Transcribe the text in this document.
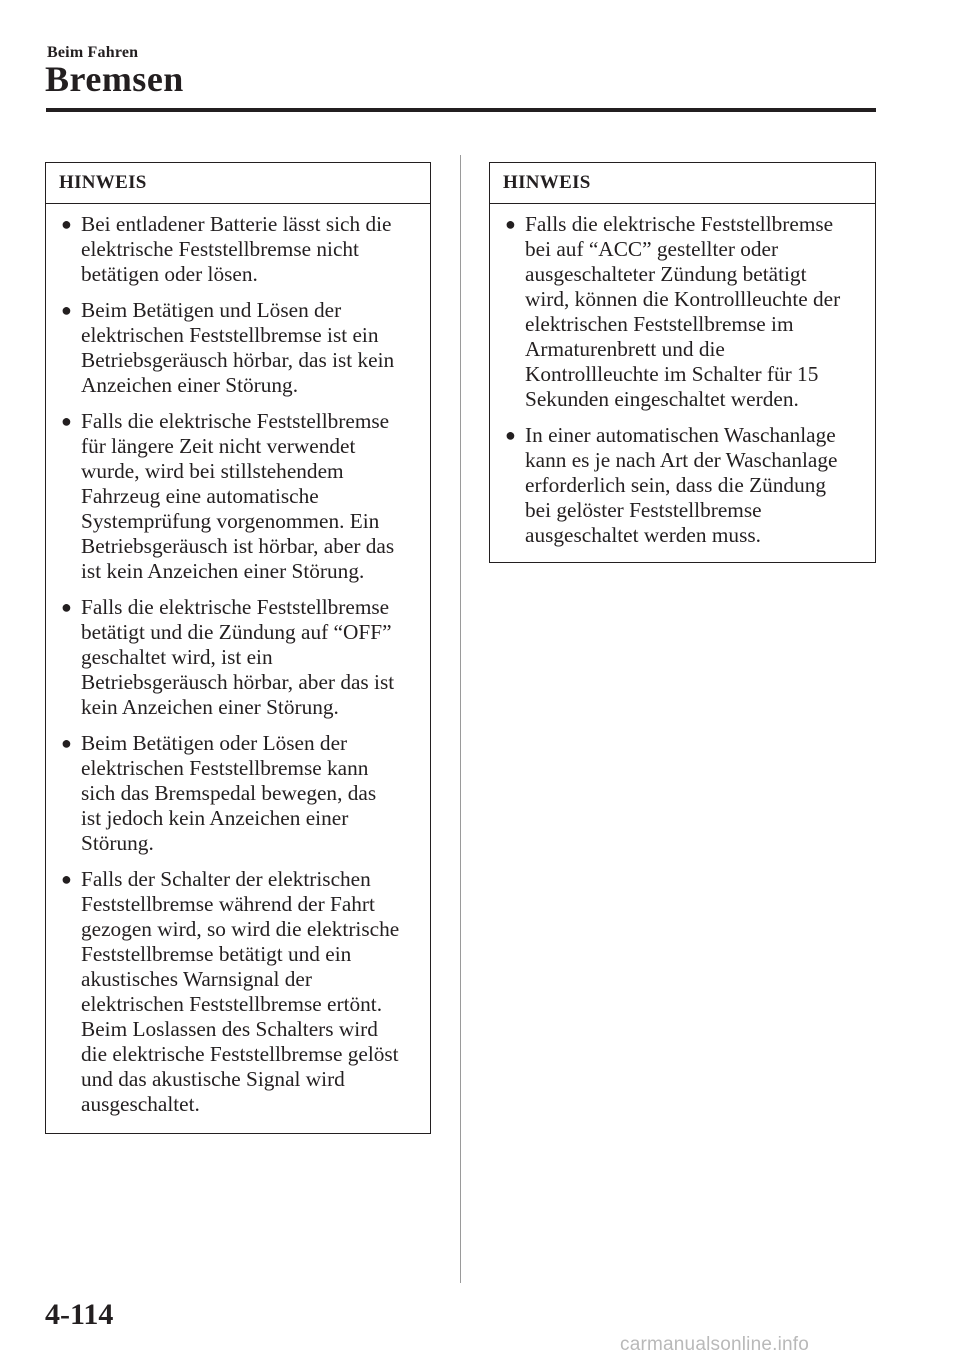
Beim Fahren
Bremsen
HINWEIS
● Bei entladener Batterie lässt sich die
elektrische Feststellbremse nicht
betätigen oder lösen.
● Beim Betätigen und Lösen der
elektrischen Feststellbremse ist ein
Betriebsgeräusch hörbar, das ist kein
Anzeichen einer Störung.
● Falls die elektrische Feststellbremse
für längere Zeit nicht verwendet
wurde, wird bei stillstehendem
Fahrzeug eine automatische
Systemprüfung vorgenommen. Ein
Betriebsgeräusch ist hörbar, aber das
ist kein Anzeichen einer Störung.
● Falls die elektrische Feststellbremse
betätigt und die Zündung auf “OFF”
geschaltet wird, ist ein
Betriebsgeräusch hörbar, aber das ist
kein Anzeichen einer Störung.
● Beim Betätigen oder Lösen der
elektrischen Feststellbremse kann
sich das Bremspedal bewegen, das
ist jedoch kein Anzeichen einer
Störung.
● Falls der Schalter der elektrischen
Feststellbremse während der Fahrt
gezogen wird, so wird die elektrische
Feststellbremse betätigt und ein
akustisches Warnsignal der
elektrischen Feststellbremse ertönt.
Beim Loslassen des Schalters wird
die elektrische Feststellbremse gelöst
und das akustische Signal wird
ausgeschaltet.
HINWEIS
● Falls die elektrische Feststellbremse
bei auf “ACC” gestellter oder
ausgeschalteter Zündung betätigt
wird, können die Kontrollleuchte der
elektrischen Feststellbremse im
Armaturenbrett und die
Kontrollleuchte im Schalter für 15
Sekunden eingeschaltet werden.
● In einer automatischen Waschanlage
kann es je nach Art der Waschanlage
erforderlich sein, dass die Zündung
bei gelöster Feststellbremse
ausgeschaltet werden muss.
4-114
carmanualsonline.info
